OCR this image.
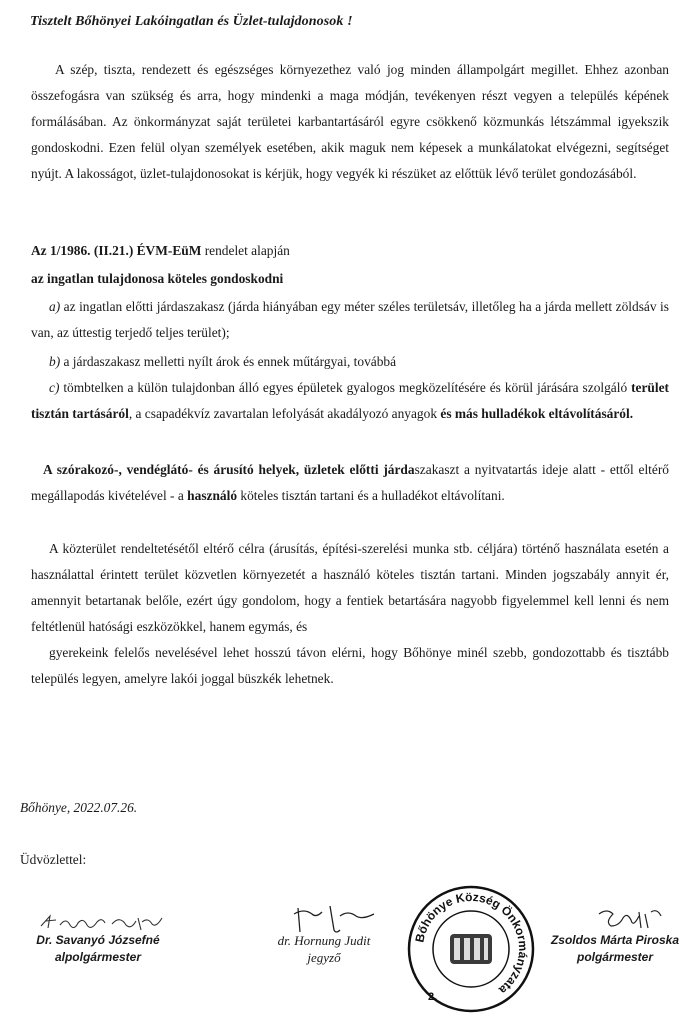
Tisztelt Bőhönyei Lakóingatlan és Üzlet-tulajdonosok !

A szép, tiszta, rendezett és egészséges környezethez való jog minden állampolgárt megillet. Ehhez azonban összefogásra van szükség és arra, hogy mindenki a maga módján, tevékenyen részt vegyen a település képének formálásában. Az önkormányzat saját területei karbantartásáról egyre csökkenő közmunkás létszámmal igyekszik gondoskodni. Ezen felül olyan személyek esetében, akik maguk nem képesek a munkálatokat elvégezni, segítséget nyújt. A lakosságot, üzlet-tulajdonosokat is kérjük, hogy vegyék ki részüket az előttük lévő terület gondozásából.

Az 1/1986. (II.21.) ÉVM-EüM rendelet alapján

az ingatlan tulajdonosa köteles gondoskodni

a) az ingatlan előtti járdaszakasz (járda hiányában egy méter széles területsáv, illetőleg ha a járda mellett zöldsáv is van, az úttestig terjedő teljes terület);

b) a járdaszakasz melletti nyílt árok és ennek műtárgyai, továbbá

c) tömbtelken a külön tulajdonban álló egyes épületek gyalogos megközelítésére és körül járására szolgáló terület tisztán tartásáról, a csapadékvíz zavartalan lefolyását akadályozó anyagok és más hulladékok eltávolításáról.

A szórakozó-, vendéglátó- és árusító helyek, üzletek előtti járdaszakaszt a nyitvatartás ideje alatt - ettől eltérő megállapodás kivételével - a használó köteles tisztán tartani és a hulladékot eltávolítani.

A közterület rendeltetésétől eltérő célra (árusítás, építési-szerelési munka stb. céljára) történő használata esetén a használattal érintett terület közvetlen környezetét a használó köteles tisztán tartani. Minden jogszabály annyit ér, amennyit betartanak belőle, ezért úgy gondolom, hogy a fentiek betartására nagyobb figyelemmel kell lenni és nem feltétlenül hatósági eszközökkel, hanem egymás, és
gyerekeink felelős nevelésével lehet hosszú távon elérni, hogy Bőhönye minél szebb, gondozottabb és tisztább település legyen, amelyre lakói joggal büszkék lehetnek.
Bőhönye, 2022.07.26.
Üdvözlettel:
Dr. Savanyó Józsefné
alpolgármester
dr. Hornung Judit
jegyző
Zsoldos Márta Piroska
polgármester
Bőhönye Község Önkormányzata
2.
